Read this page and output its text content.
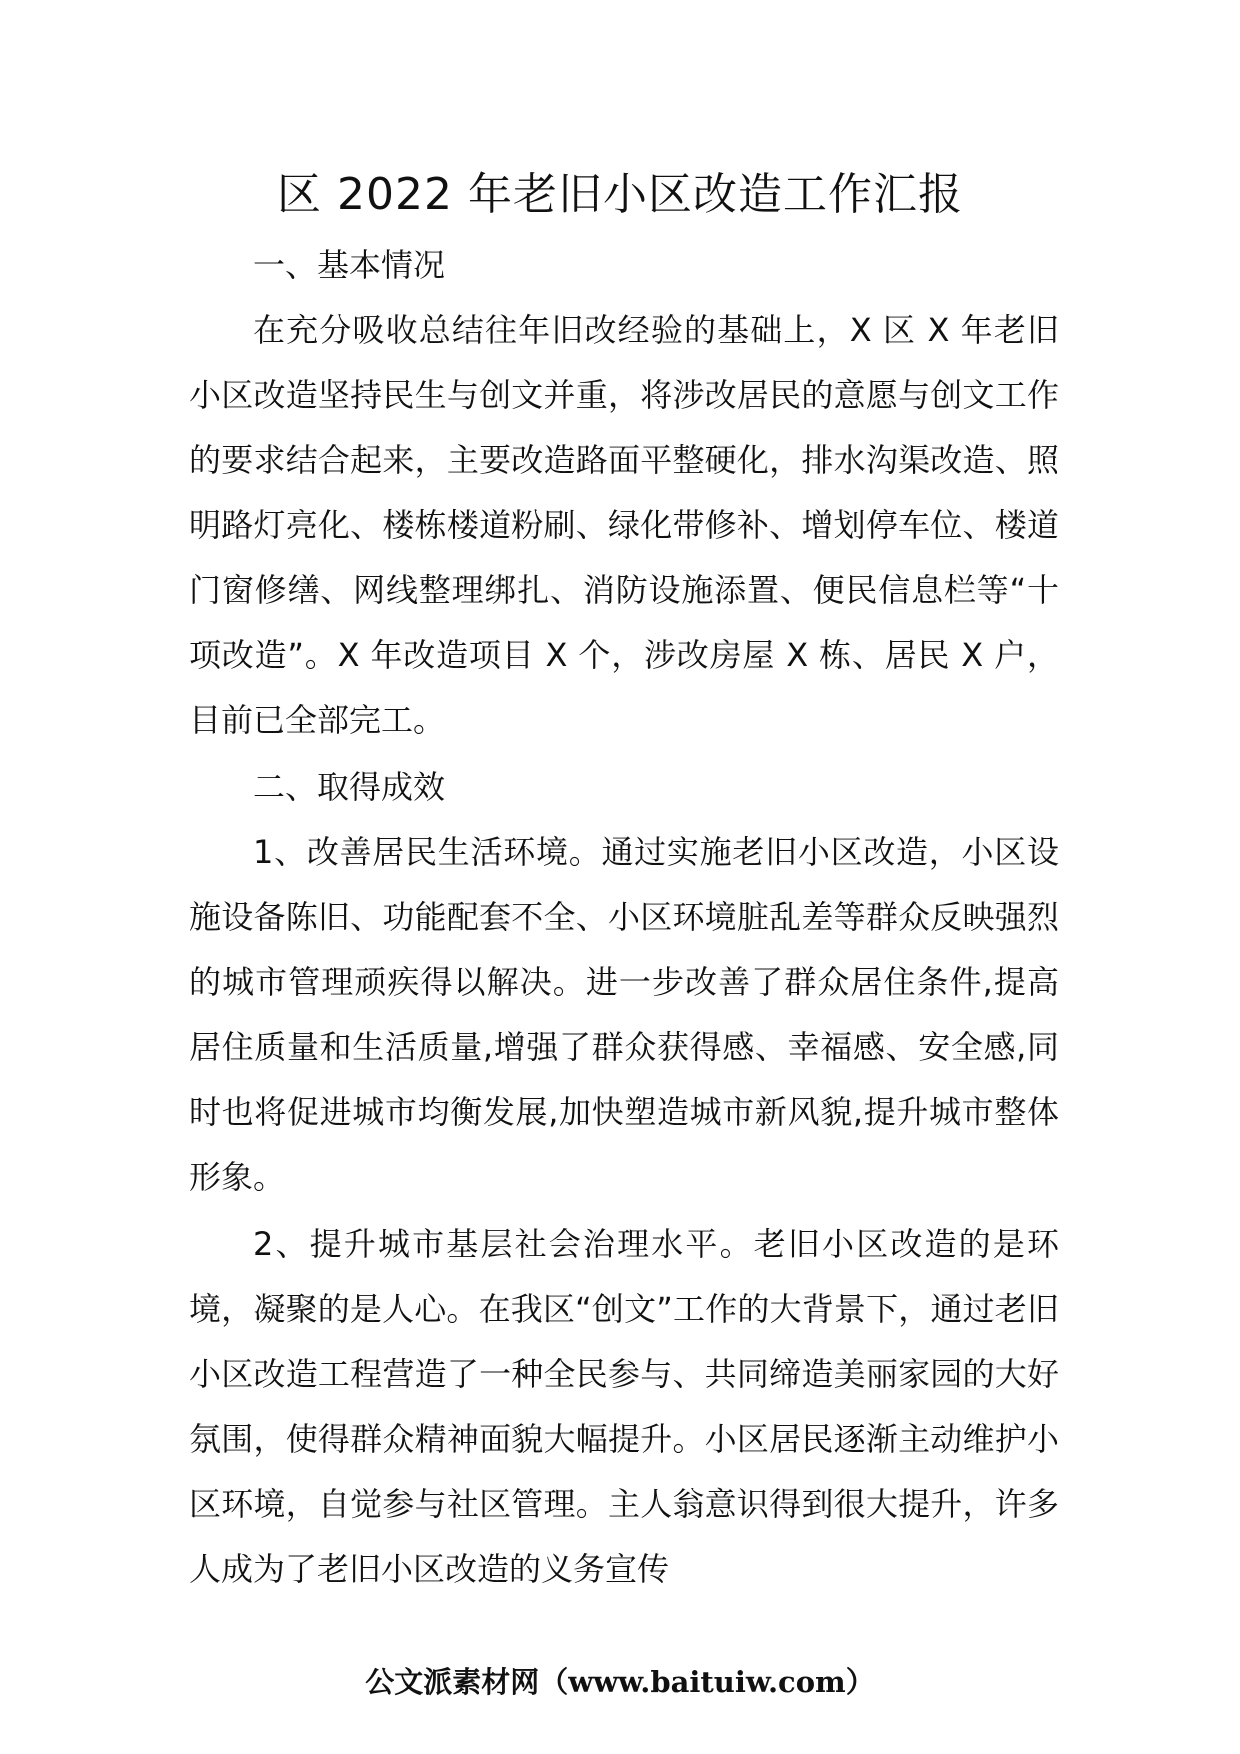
区 2022 年老旧小区改造工作汇报

一、基本情况

在充分吸收总结往年旧改经验的基础上，X 区 X 年老旧小区改造坚持民生与创文并重，将涉改居民的意愿与创文工作的要求结合起来，主要改造路面平整硬化，排水沟渠改造、照明路灯亮化、楼栋楼道粉刷、绿化带修补、增划停车位、楼道门窗修缮、网线整理绑扎、消防设施添置、便民信息栏等“十项改造”。X 年改造项目 X 个，涉改房屋 X 栋、居民 X 户，目前已全部完工。

二、取得成效

1、改善居民生活环境。通过实施老旧小区改造，小区设施设备陈旧、功能配套不全、小区环境脏乱差等群众反映强烈的城市管理顽疾得以解决。进一步改善了群众居住条件,提高居住质量和生活质量,增强了群众获得感、幸福感、安全感,同时也将促进城市均衡发展,加快塑造城市新风貌,提升城市整体形象。

2、提升城市基层社会治理水平。老旧小区改造的是环境，凝聚的是人心。在我区“创文”工作的大背景下，通过老旧小区改造工程营造了一种全民参与、共同缔造美丽家园的大好氛围，使得群众精神面貌大幅提升。小区居民逐渐主动维护小区环境，自觉参与社区管理。主人翁意识得到很大提升，许多人成为了老旧小区改造的义务宣传

公文派素材网（www.baituiw.com）
